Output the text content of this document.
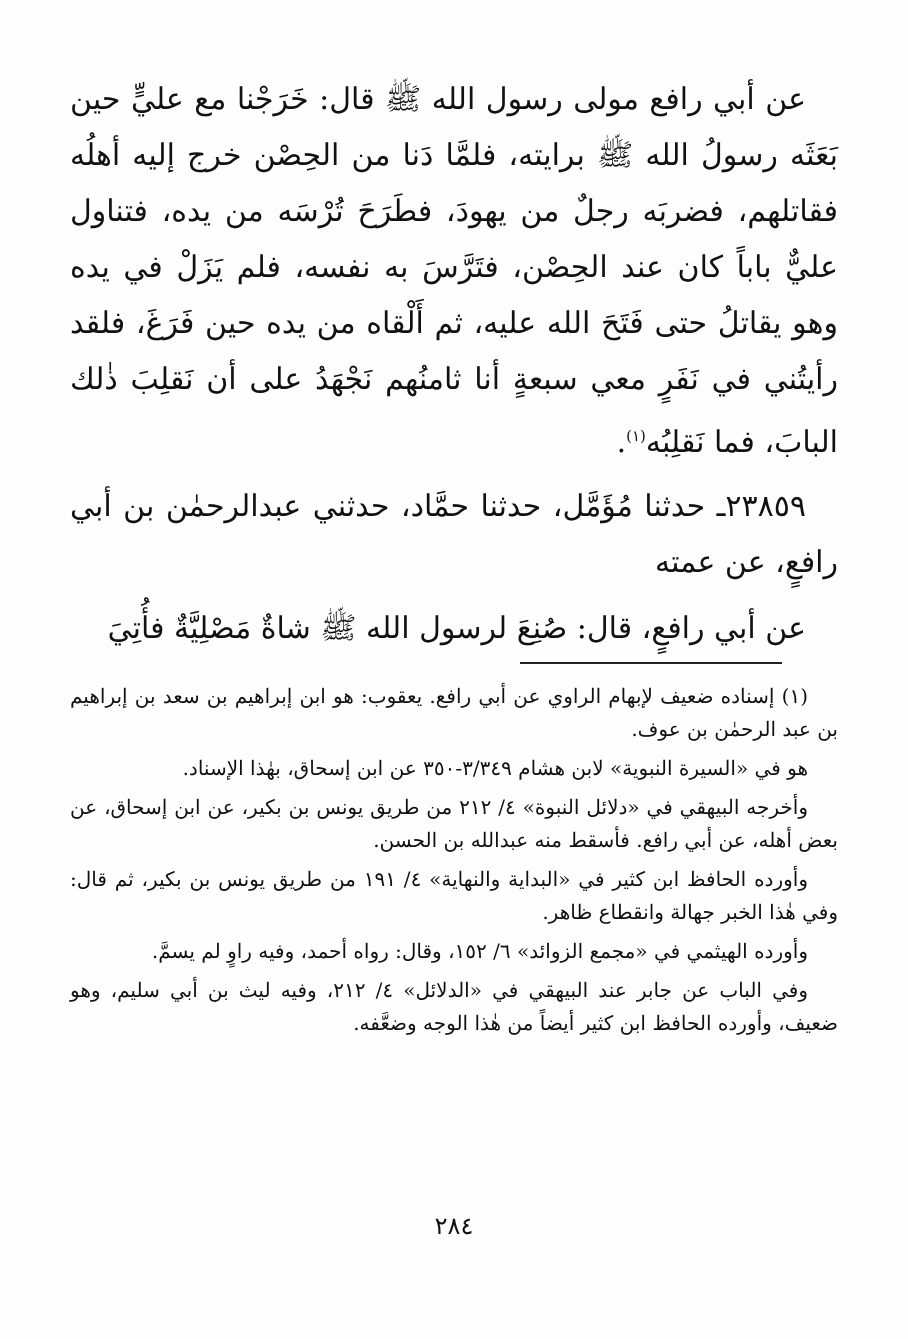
عن أبي رافع مولى رسول الله ﷺ قال: خَرَجْنا مع عليٍّ حين بَعَثَه رسولُ الله ﷺ برايته، فلمَّا دَنا من الحِصْن خرج إليه أهلُه فقاتلهم، فضربَه رجلٌ من يهودَ، فطَرَحَ تُرْسَه من يده، فتناول عليٌّ باباً كان عند الحِصْن، فتَرَّسَ به نفسه، فلم يَزَلْ في يده وهو يقاتلُ حتى فَتَحَ الله عليه، ثم أَلْقاه من يده حين فَرَغَ، فلقد رأيتُني في نَفَرٍ معي سبعةٍ أنا ثامنُهم نَجْهَدُ على أن نَقلِبَ ذٰلك البابَ، فما نَقلِبُه$^{(١)}$.

٢٣٨٥٩ـ حدثنا مُؤَمَّل، حدثنا حمَّاد، حدثني عبدالرحمٰن بن أبي رافعٍ، عن عمته

عن أبي رافعٍ، قال: صُنِعَ لرسول الله ﷺ شاةٌ مَصْلِيَّةٌ فأُتِيَ

(١) إسناده ضعيف لإبهام الراوي عن أبي رافع. يعقوب: هو ابن إبراهيم بن سعد بن إبراهيم بن عبد الرحمٰن بن عوف.

هو في «السيرة النبوية» لابن هشام ٣/٣٤٩-٣٥٠ عن ابن إسحاق، بهٰذا الإسناد.

وأخرجه البيهقي في «دلائل النبوة» ٤/ ٢١٢ من طريق يونس بن بكير، عن ابن إسحاق، عن بعض أهله، عن أبي رافع. فأسقط منه عبدالله بن الحسن.

وأورده الحافظ ابن كثير في «البداية والنهاية» ٤/ ١٩١ من طريق يونس بن بكير، ثم قال: وفي هٰذا الخبر جهالة وانقطاع ظاهر.

وأورده الهيثمي في «مجمع الزوائد» ٦/ ١٥٢، وقال: رواه أحمد، وفيه راوٍ لم يسمَّ.

وفي الباب عن جابر عند البيهقي في «الدلائل» ٤/ ٢١٢، وفيه ليث بن أبي سليم، وهو ضعيف، وأورده الحافظ ابن كثير أيضاً من هٰذا الوجه وضعَّفه.

٢٨٤
